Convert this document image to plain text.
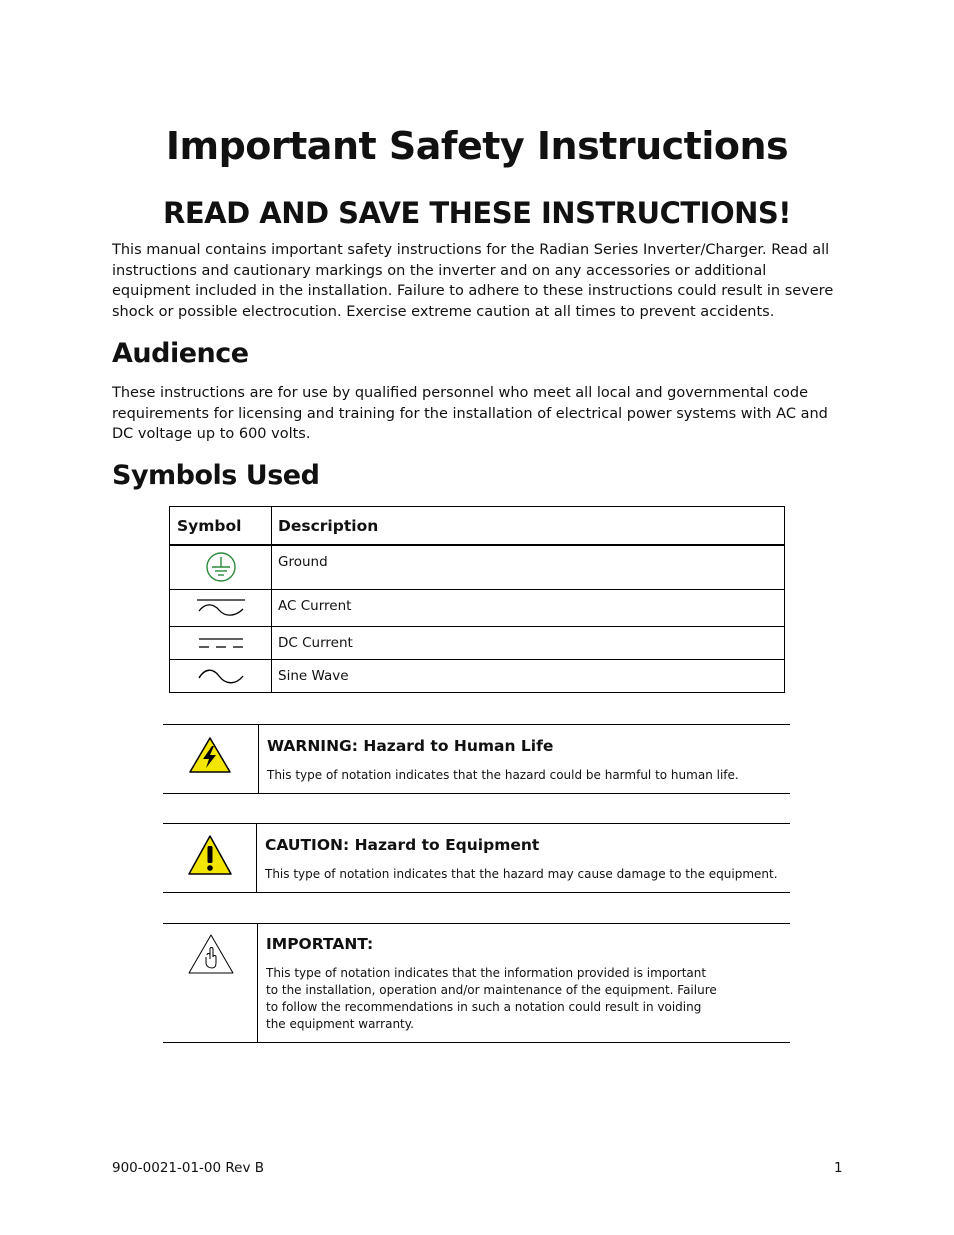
Important Safety Instructions
READ AND SAVE THESE INSTRUCTIONS!

This manual contains important safety instructions for the Radian Series Inverter/Charger. Read all instructions and cautionary markings on the inverter and on any accessories or additional equipment included in the installation. Failure to adhere to these instructions could result in severe shock or possible electrocution. Exercise extreme caution at all times to prevent accidents.

Audience

These instructions are for use by qualified personnel who meet all local and governmental code requirements for licensing and training for the installation of electrical power systems with AC and DC voltage up to 600 volts.

Symbols Used
Symbol	Description

	Ground

	AC Current

	DC Current

	Sine Wave

WARNING: Hazard to Human Life

This type of notation indicates that the hazard could be harmful to human life.

CAUTION: Hazard to Equipment

This type of notation indicates that the hazard may cause damage to the equipment.

IMPORTANT:

This type of notation indicates that the information provided is important to the installation, operation and/or maintenance of the equipment. Failure to follow the recommendations in such a notation could result in voiding the equipment warranty.

900-0021-01-00 Rev B	1
